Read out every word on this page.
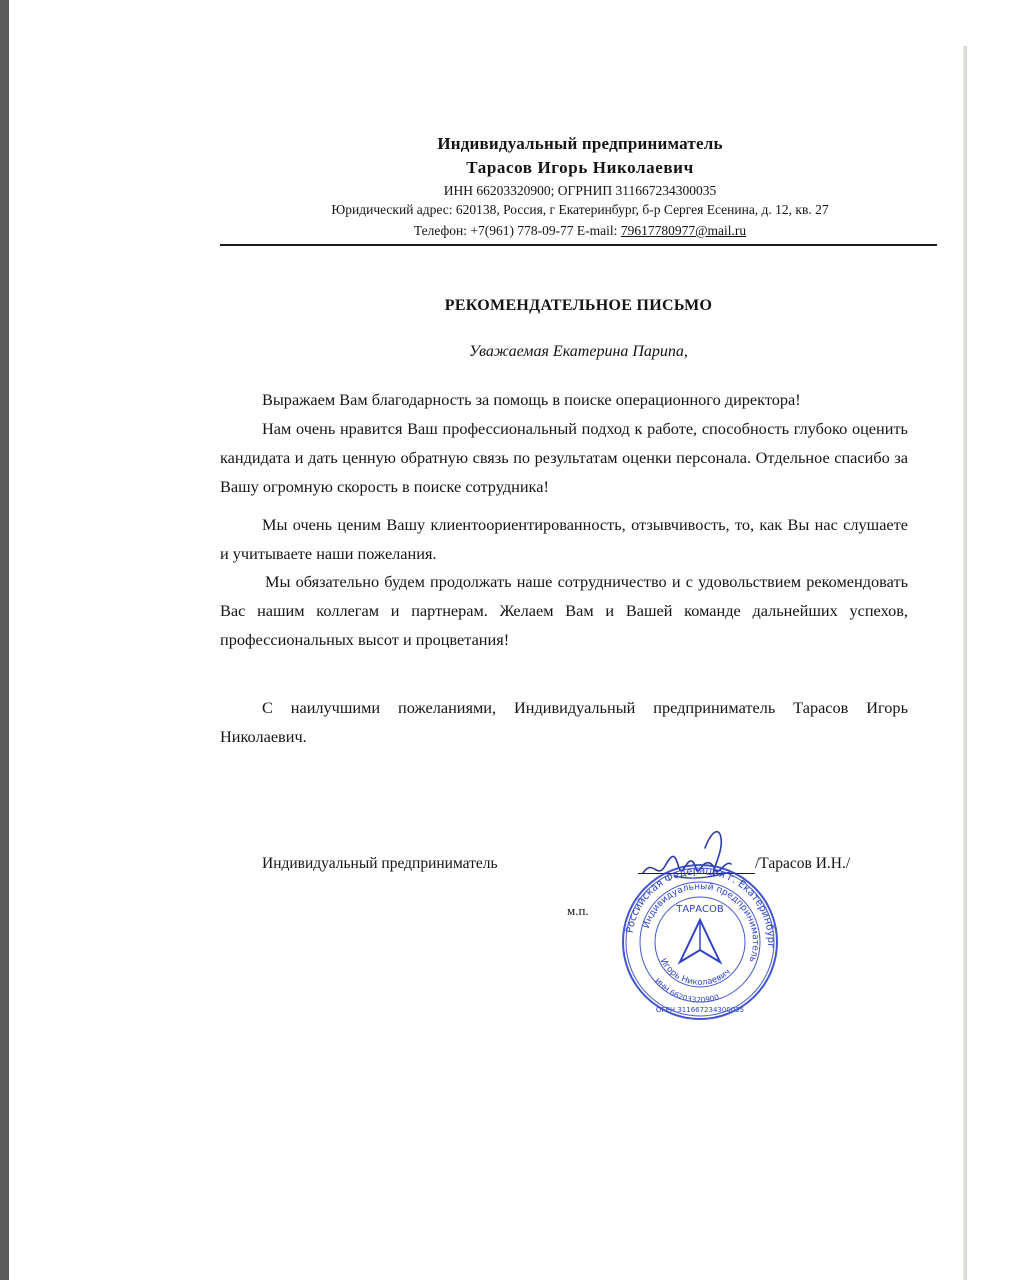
Индивидуальный предприниматель
Тарасов Игорь Николаевич
ИНН 66203320900; ОГРНИП 311667234300035
Юридический адрес: 620138, Россия, г Екатеринбург, б-р Сергея Есенина, д. 12, кв. 27
Телефон: +7(961) 778-09-77 E-mail: 79617780977@mail.ru
РЕКОМЕНДАТЕЛЬНОЕ ПИСЬМО
Уважаемая Екатерина Парипа,
Выражаем Вам благодарность за помощь в поиске операционного директора!
Нам очень нравится Ваш профессиональный подход к работе, способность глубоко оценить кандидата и дать ценную обратную связь по результатам оценки персонала. Отдельное спасибо за Вашу огромную скорость в поиске сотрудника!
Мы очень ценим Вашу клиентоориентированность, отзывчивость, то, как Вы нас слушаете и учитываете наши пожелания.
Мы обязательно будем продолжать наше сотрудничество и с удовольствием рекомендовать Вас нашим коллегам и партнерам. Желаем Вам и Вашей команде дальнейших успехов, профессиональных высот и процветания!
С наилучшими пожеланиями, Индивидуальный предприниматель Тарасов Игорь Николаевич.
Индивидуальный предприниматель	/Тарасов И.Н./
м.п.
Российская Федерация г. Екатеринбург
Индивидуальный предприниматель
ТАРАСОВ
Игорь Николаевич
ИНН 66203320900
ОГРН 311667234300035
